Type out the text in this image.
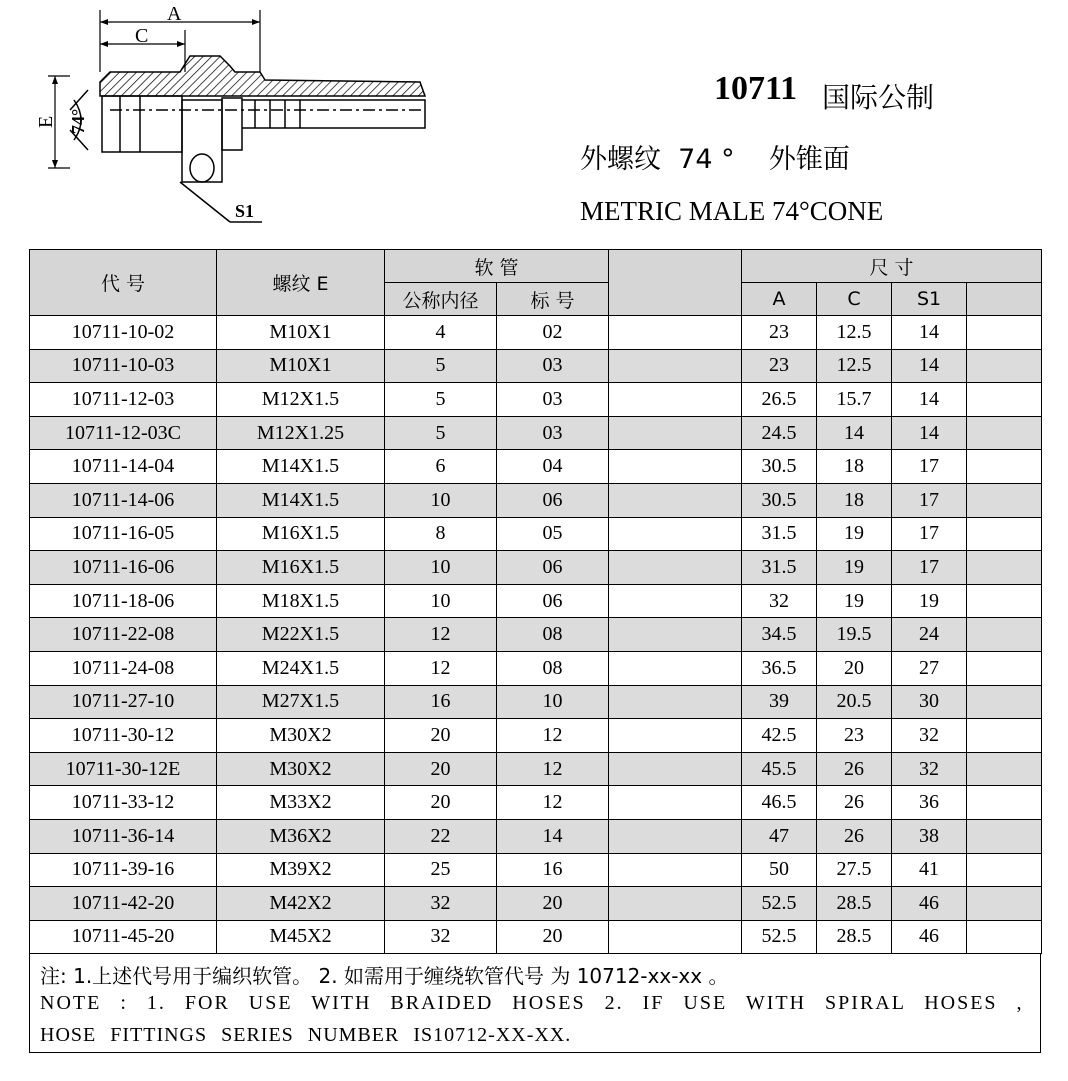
A
C
E 74°
S1
10711 国际公制
外螺纹  74 °    外锥面
METRIC MALE 74°CONE
代 号	螺纹 E	软 管			尺 寸			
		公称内径	标 号		A	C	S1	
10711-10-02	M10X1	4	02		23	12.5	14	
10711-10-03	M10X1	5	03		23	12.5	14	
10711-12-03	M12X1.5	5	03		26.5	15.7	14	
10711-12-03C	M12X1.25	5	03		24.5	14	14	
10711-14-04	M14X1.5	6	04		30.5	18	17	
10711-14-06	M14X1.5	10	06		30.5	18	17	
10711-16-05	M16X1.5	8	05		31.5	19	17	
10711-16-06	M16X1.5	10	06		31.5	19	17	
10711-18-06	M18X1.5	10	06		32	19	19	
10711-22-08	M22X1.5	12	08		34.5	19.5	24	
10711-24-08	M24X1.5	12	08		36.5	20	27	
10711-27-10	M27X1.5	16	10		39	20.5	30	
10711-30-12	M30X2	20	12		42.5	23	32	
10711-30-12E	M30X2	20	12		45.5	26	32	
10711-33-12	M33X2	20	12		46.5	26	36	
10711-36-14	M36X2	22	14		47	26	38	
10711-39-16	M39X2	25	16		50	27.5	41	
10711-42-20	M42X2	32	20		52.5	28.5	46	
10711-45-20	M45X2	32	20		52.5	28.5	46	
注: 1.上述代号用于编织软管。 2. 如需用于缠绕软管代号 为 10712-xx-xx 。
NOTE : 1. FOR USE WITH BRAIDED HOSES 2. IF USE WITH SPIRAL HOSES ,
HOSE FITTINGS SERIES NUMBER IS10712-XX-XX.
